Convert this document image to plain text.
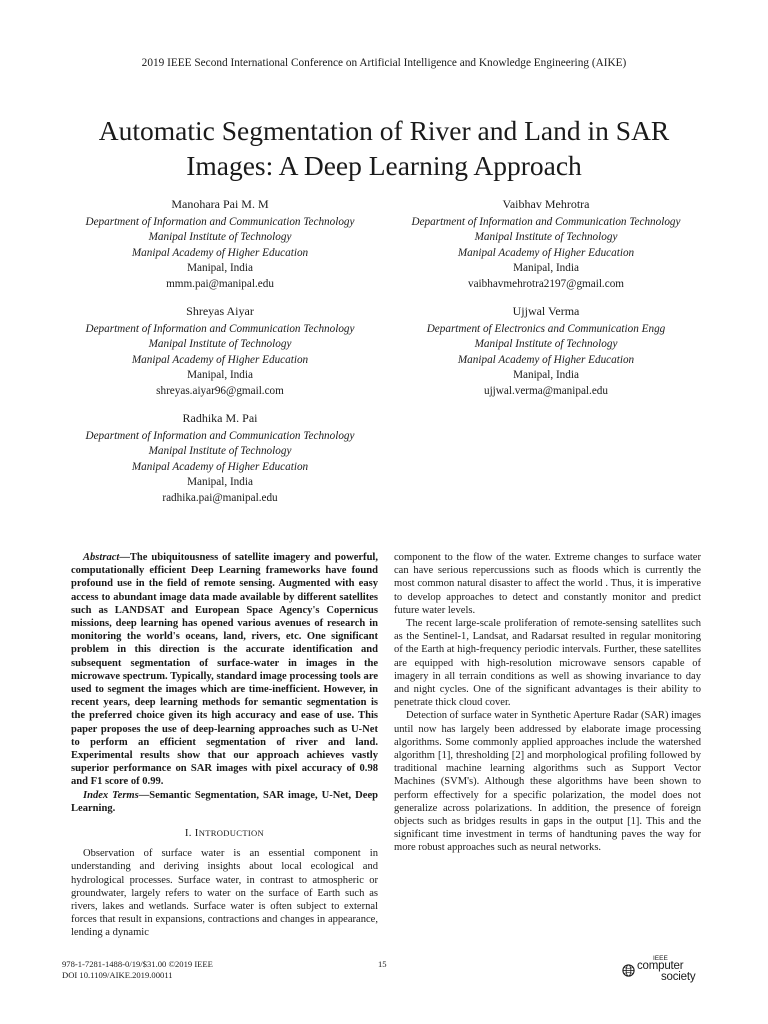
2019 IEEE Second International Conference on Artificial Intelligence and Knowledge Engineering (AIKE)
Automatic Segmentation of River and Land in SAR
Images: A Deep Learning Approach
Manohara Pai M. M
Department of Information and Communication Technology
Manipal Institute of Technology
Manipal Academy of Higher Education
Manipal, India
mmm.pai@manipal.edu
Vaibhav Mehrotra
Department of Information and Communication Technology
Manipal Institute of Technology
Manipal Academy of Higher Education
Manipal, India
vaibhavmehrotra2197@gmail.com
Shreyas Aiyar
Department of Information and Communication Technology
Manipal Institute of Technology
Manipal Academy of Higher Education
Manipal, India
shreyas.aiyar96@gmail.com
Ujjwal Verma
Department of Electronics and Communication Engg
Manipal Institute of Technology
Manipal Academy of Higher Education
Manipal, India
ujjwal.verma@manipal.edu
Radhika M. Pai
Department of Information and Communication Technology
Manipal Institute of Technology
Manipal Academy of Higher Education
Manipal, India
radhika.pai@manipal.edu

Abstract—The ubiquitousness of satellite imagery and powerful, computationally efficient Deep Learning frameworks have found profound use in the field of remote sensing. Augmented with easy access to abundant image data made available by different satellites such as LANDSAT and European Space Agency's Copernicus missions, deep learning has opened various avenues of research in monitoring the world's oceans, land, rivers, etc. One significant problem in this direction is the accurate identification and subsequent segmentation of surface-water in images in the microwave spectrum. Typically, standard image processing tools are used to segment the images which are time-inefficient. However, in recent years, deep learning methods for semantic segmentation is the preferred choice given its high accuracy and ease of use. This paper proposes the use of deep-learning approaches such as U-Net to perform an efficient segmentation of river and land. Experimental results show that our approach achieves vastly superior performance on SAR images with pixel accuracy of 0.98 and F1 score of 0.99.

Index Terms—Semantic Segmentation, SAR image, U-Net, Deep Learning.

I. INTRODUCTION

Observation of surface water is an essential component in understanding and deriving insights about local ecological and hydrological processes. Surface water, in contrast to atmospheric or groundwater, largely refers to water on the surface of Earth such as rivers, lakes and wetlands. Surface water is often subject to external forces that result in expansions, contractions and changes in appearance, lending a dynamic

component to the flow of the water. Extreme changes to surface water can have serious repercussions such as floods which is currently the most common natural disaster to affect the world . Thus, it is imperative to develop approaches to detect and constantly monitor and predict future water levels.

The recent large-scale proliferation of remote-sensing satellites such as the Sentinel-1, Landsat, and Radarsat resulted in regular monitoring of the Earth at high-frequency periodic intervals. Further, these satellites are equipped with high-resolution microwave sensors capable of imagery in all terrain conditions as well as showing invariance to day and night cycles. One of the significant advantages is their ability to penetrate thick cloud cover.

Detection of surface water in Synthetic Aperture Radar (SAR) images until now has largely been addressed by elaborate image processing algorithms. Some commonly applied approaches include the watershed algorithm [1], thresholding [2] and morphological profiling followed by traditional machine learning algorithms such as Support Vector Machines (SVM's). Although these algorithms have been shown to perform effectively for a specific polarization, the model does not generalize across polarizations. In addition, the presence of foreign objects such as bridges results in gaps in the output [1]. This and the significant time investment in terms of handtuning paves the way for more robust approaches such as neural networks.

978-1-7281-1488-0/19/$31.00 ©2019 IEEE
DOI 10.1109/AIKE.2019.00011
15
IEEE
computer
society
